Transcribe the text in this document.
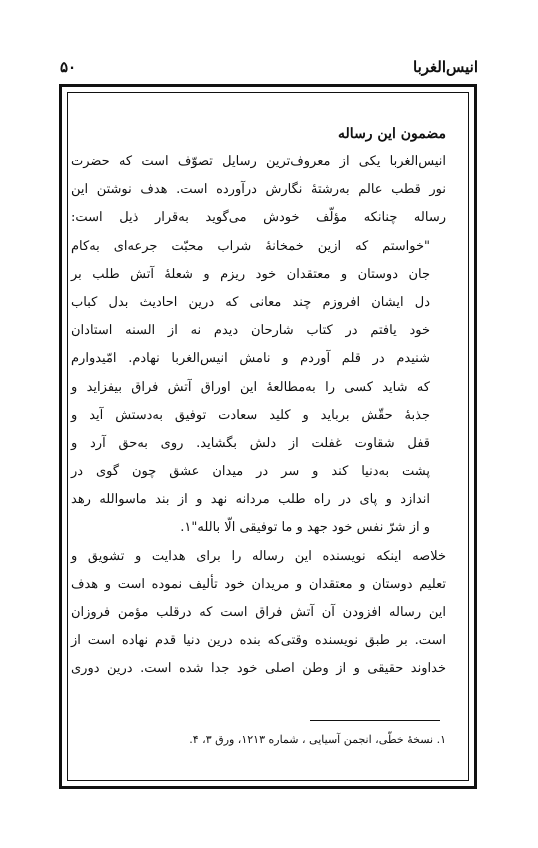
انیس‌الغربا
۵۰
مضمون این رساله
انیس‌الغربا یکی از معروف‌ترین رسایل تصوّف است که حضرت
نور قطب عالم به‌رشتهٔ نگارش درآورده است. هدف نوشتن این
رساله چنانکه مؤلّف خودش می‌گوید به‌قرار ذیل است:
"خواستم که ازین خمخانهٔ شراب محبّت جرعه‌ای به‌کام
جان دوستان و معتقدان خود ریزم و شعلهٔ آتش طلب بر
دل ایشان افروزم چند معانی که درین احادیث بدل کباب
خود یافتم در کتاب شارحان دیدم نه از السنه استادان
شنیدم در قلم آوردم و نامش انیس‌الغربا نهادم. امّیدوارم
که شاید کسی را به‌مطالعهٔ این اوراق آتش فراق بیفزاید و
جذبهٔ حقّش برباید و کلید سعادت توفیق به‌دستش آید و
قفل شقاوت غفلت از دلش بگشاید. روی به‌حق آرد و
پشت به‌دنیا کند و سر در میدان عشق چون گوی در
اندازد و پای در راه طلب مردانه نهد و از بند ماسوالله رهد
و از شرّ نفس خود جهد و ما توفیقی الّا بالله"۱.
خلاصه اینکه نویسنده این رساله را برای هدایت و تشویق و
تعلیم دوستان و معتقدان و مریدان خود تألیف نموده است و هدف
این رساله افزودن آن آتش فراق است که درقلب مؤمن فروزان
است. بر طبق نویسنده وقتی‌که بنده درین دنیا قدم نهاده است از
خداوند حقیقی و از وطن اصلی خود جدا شده است. درین دوری
۱. نسخهٔ خطّی، انجمن آسیایی ، شماره ۱۲۱۳، ورق ۳، ۴.
